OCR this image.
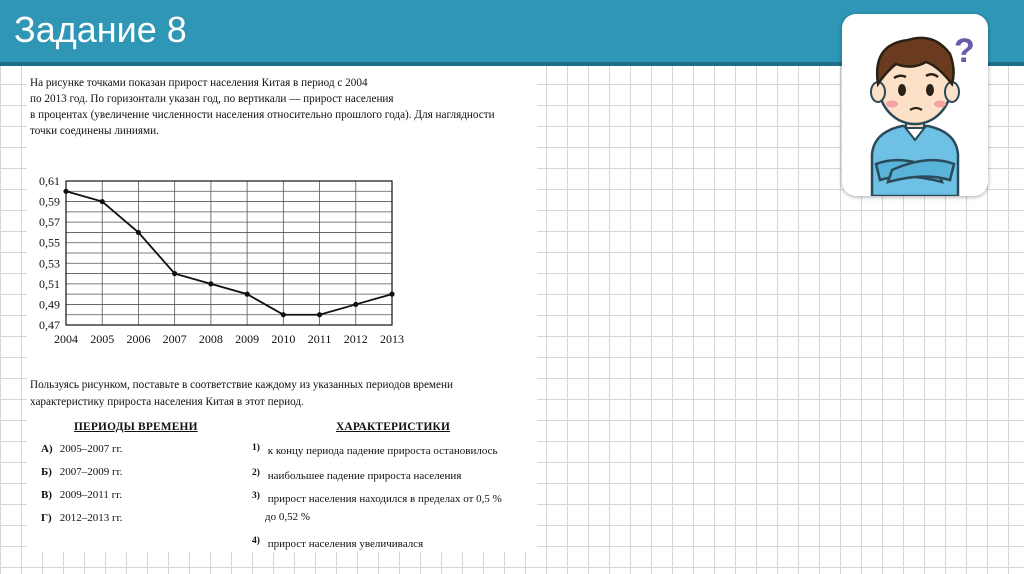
Задание 8
?
На рисунке точками показан прирост населения Китая в период с 2004
по 2013 год. По горизонтали указан год, по вертикали — прирост населения
в процентах (увеличение численности населения относительно прошлого года). Для наглядности
точки соединены линиями.
0,47
0,49
0,51
0,53
0,55
0,57
0,59
0,61
2004 2005 2006 2007 2008 2009 2010 2011 2012 2013
Пользуясь рисунком, поставьте в соответствие каждому из указанных периодов времени
характеристику прироста населения Китая в этот период.
ПЕРИОДЫ ВРЕМЕНИ	ХАРАКТЕРИСТИКИ
А) 2005–2007 гг.
Б) 2007–2009 гг.
В) 2009–2011 гг.
Г) 2012–2013 гг.
1) к концу периода падение прироста остановилось
2) наибольшее падение прироста населения
3) прирост населения находился в пределах от 0,5 %
до 0,52 %
4) прирост населения увеличивался
